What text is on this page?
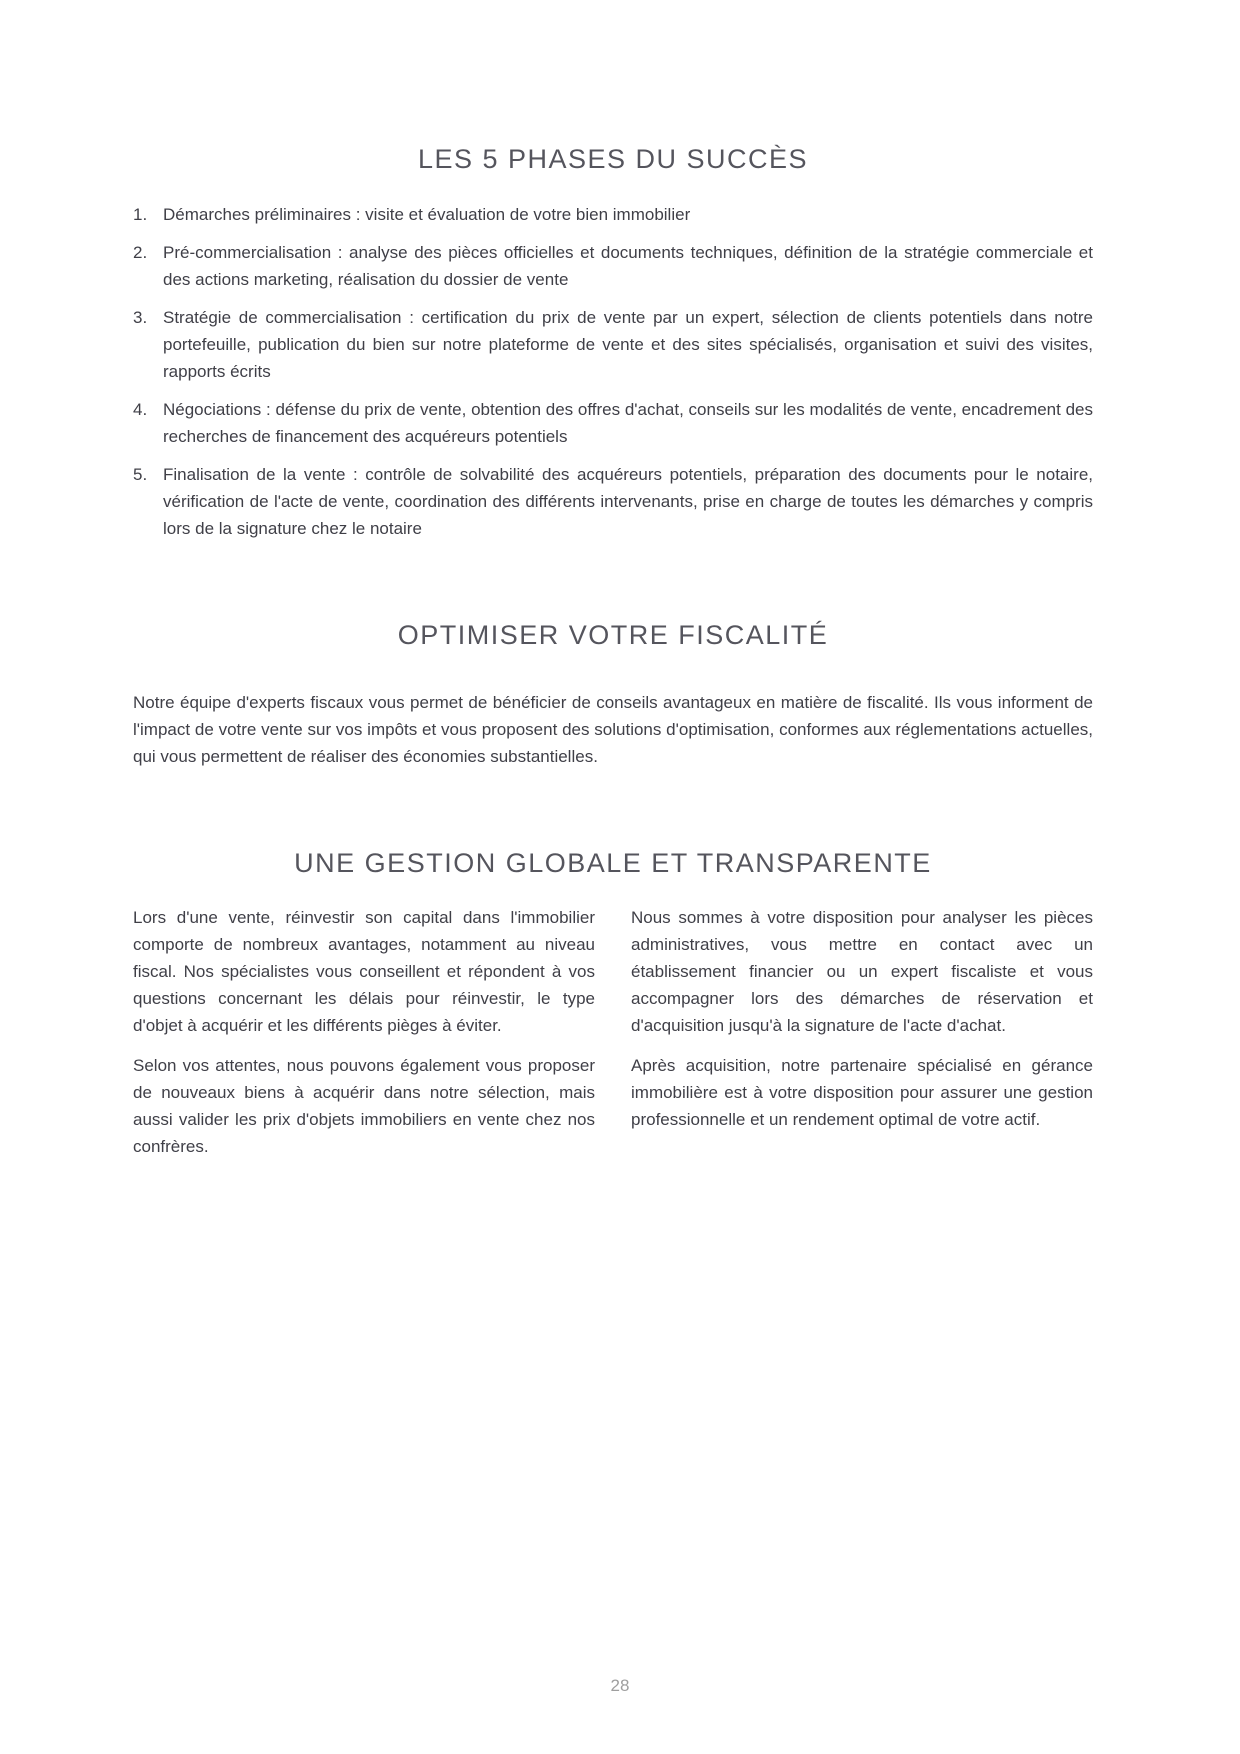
LES 5 PHASES DU SUCCÈS
1. Démarches préliminaires : visite et évaluation de votre bien immobilier
2. Pré-commercialisation : analyse des pièces officielles et documents techniques, définition de la stratégie commerciale et des actions marketing, réalisation du dossier de vente
3. Stratégie de commercialisation : certification du prix de vente par un expert, sélection de clients potentiels dans notre portefeuille, publication du bien sur notre plateforme de vente et des sites spécialisés, organisation et suivi des visites, rapports écrits
4. Négociations : défense du prix de vente, obtention des offres d'achat, conseils sur les modalités de vente, encadrement des recherches de financement des acquéreurs potentiels
5. Finalisation de la vente : contrôle de solvabilité des acquéreurs potentiels, préparation des documents pour le notaire, vérification de l'acte de vente, coordination des différents intervenants, prise en charge de toutes les démarches y compris lors de la signature chez le notaire
OPTIMISER VOTRE FISCALITÉ

Notre équipe d'experts fiscaux vous permet de bénéficier de conseils avantageux en matière de fiscalité. Ils vous informent de l'impact de votre vente sur vos impôts et vous proposent des solutions d'optimisation, conformes aux réglementations actuelles, qui vous permettent de réaliser des économies substantielles.

UNE GESTION GLOBALE ET TRANSPARENTE

Lors d'une vente, réinvestir son capital dans l'immobilier comporte de nombreux avantages, notamment au niveau fiscal. Nos spécialistes vous conseillent et répondent à vos questions concernant les délais pour réinvestir, le type d'objet à acquérir et les différents pièges à éviter.

Selon vos attentes, nous pouvons également vous proposer de nouveaux biens à acquérir dans notre sélection, mais aussi valider les prix d'objets immobiliers en vente chez nos confrères.

Nous sommes à votre disposition pour analyser les pièces administratives, vous mettre en contact avec un établissement financier ou un expert fiscaliste et vous accompagner lors des démarches de réservation et d'acquisition jusqu'à la signature de l'acte d'achat.

Après acquisition, notre partenaire spécialisé en gérance immobilière est à votre disposition pour assurer une gestion professionnelle et un rendement optimal de votre actif.

28
